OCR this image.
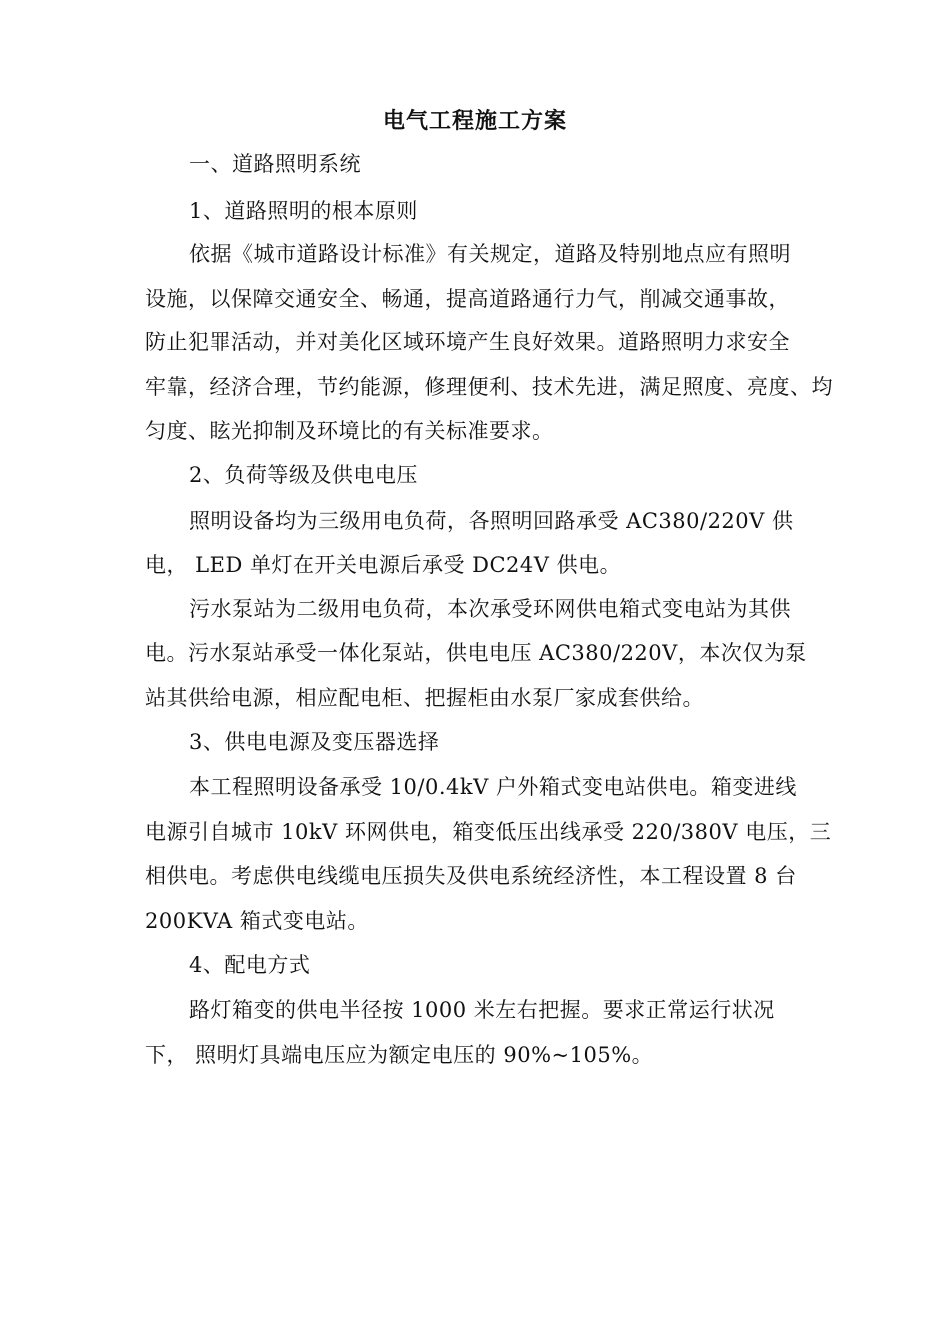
电气工程施工方案
一、道路照明系统
1、道路照明的根本原则
依据《城市道路设计标准》有关规定，道路及特别地点应有照明
设施，以保障交通安全、畅通，提高道路通行力气，削减交通事故，
防止犯罪活动，并对美化区域环境产生良好效果。道路照明力求安全
牢靠，经济合理，节约能源，修理便利、技术先进，满足照度、亮度、均
匀度、眩光抑制及环境比的有关标准要求。
2、负荷等级及供电电压
照明设备均为三级用电负荷，各照明回路承受 AC380/220V 供
电， LED 单灯在开关电源后承受 DC24V 供电。
污水泵站为二级用电负荷，本次承受环网供电箱式变电站为其供
电。污水泵站承受一体化泵站，供电电压 AC380/220V，本次仅为泵
站其供给电源，相应配电柜、把握柜由水泵厂家成套供给。
3、供电电源及变压器选择
本工程照明设备承受 10/0.4kV 户外箱式变电站供电。箱变进线
电源引自城市 10kV 环网供电，箱变低压出线承受 220/380V 电压，三
相供电。考虑供电线缆电压损失及供电系统经济性，本工程设置 8 台
200KVA 箱式变电站。
4、配电方式
路灯箱变的供电半径按 1000 米左右把握。要求正常运行状况
下， 照明灯具端电压应为额定电压的 90%~105%。
